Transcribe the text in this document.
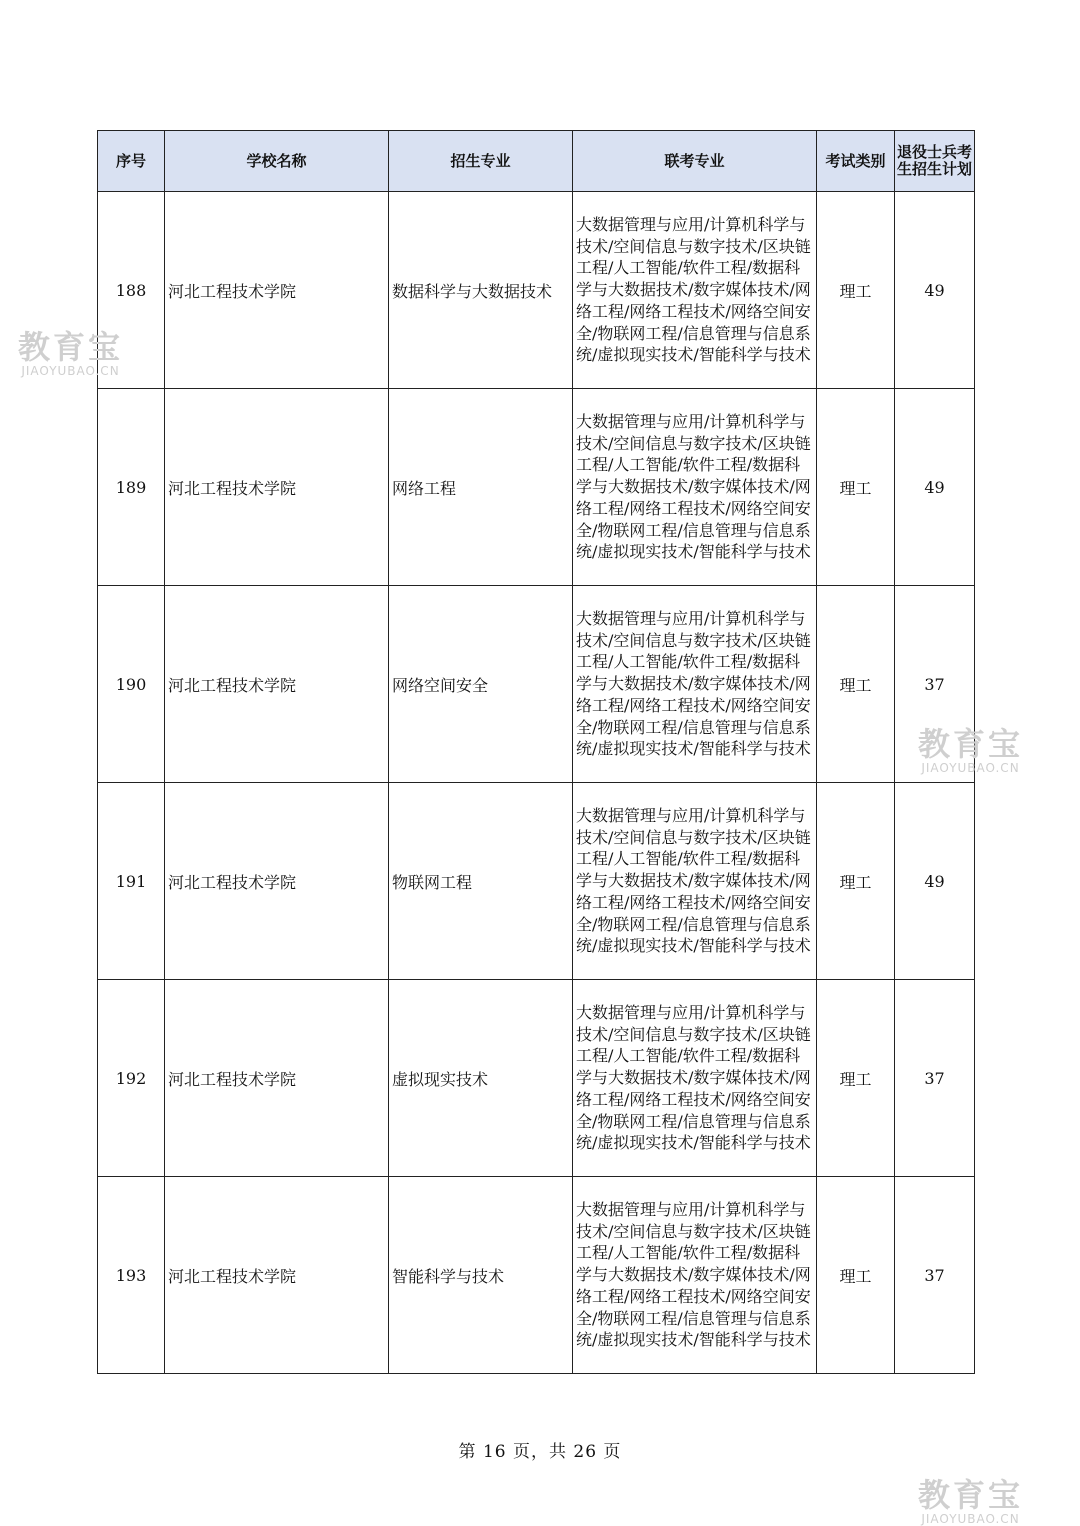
序号	学校名称	招生专业	联考专业	考试类别	退役士兵考生招生计划
188	河北工程技术学院	数据科学与大数据技术	大数据管理与应用/计算机科学与技术/空间信息与数字技术/区块链工程/人工智能/软件工程/数据科学与大数据技术/数字媒体技术/网络工程/网络工程技术/网络空间安全/物联网工程/信息管理与信息系统/虚拟现实技术/智能科学与技术	理工	49
189	河北工程技术学院	网络工程	大数据管理与应用/计算机科学与技术/空间信息与数字技术/区块链工程/人工智能/软件工程/数据科学与大数据技术/数字媒体技术/网络工程/网络工程技术/网络空间安全/物联网工程/信息管理与信息系统/虚拟现实技术/智能科学与技术	理工	49
190	河北工程技术学院	网络空间安全	大数据管理与应用/计算机科学与技术/空间信息与数字技术/区块链工程/人工智能/软件工程/数据科学与大数据技术/数字媒体技术/网络工程/网络工程技术/网络空间安全/物联网工程/信息管理与信息系统/虚拟现实技术/智能科学与技术	理工	37
191	河北工程技术学院	物联网工程	大数据管理与应用/计算机科学与技术/空间信息与数字技术/区块链工程/人工智能/软件工程/数据科学与大数据技术/数字媒体技术/网络工程/网络工程技术/网络空间安全/物联网工程/信息管理与信息系统/虚拟现实技术/智能科学与技术	理工	49
192	河北工程技术学院	虚拟现实技术	大数据管理与应用/计算机科学与技术/空间信息与数字技术/区块链工程/人工智能/软件工程/数据科学与大数据技术/数字媒体技术/网络工程/网络工程技术/网络空间安全/物联网工程/信息管理与信息系统/虚拟现实技术/智能科学与技术	理工	37
193	河北工程技术学院	智能科学与技术	大数据管理与应用/计算机科学与技术/空间信息与数字技术/区块链工程/人工智能/软件工程/数据科学与大数据技术/数字媒体技术/网络工程/网络工程技术/网络空间安全/物联网工程/信息管理与信息系统/虚拟现实技术/智能科学与技术	理工	37
第 16 页，共 26 页
教育宝
JIAOYUBAO.CN
教育宝
JIAOYUBAO.CN
教育宝
JIAOYUBAO.CN
